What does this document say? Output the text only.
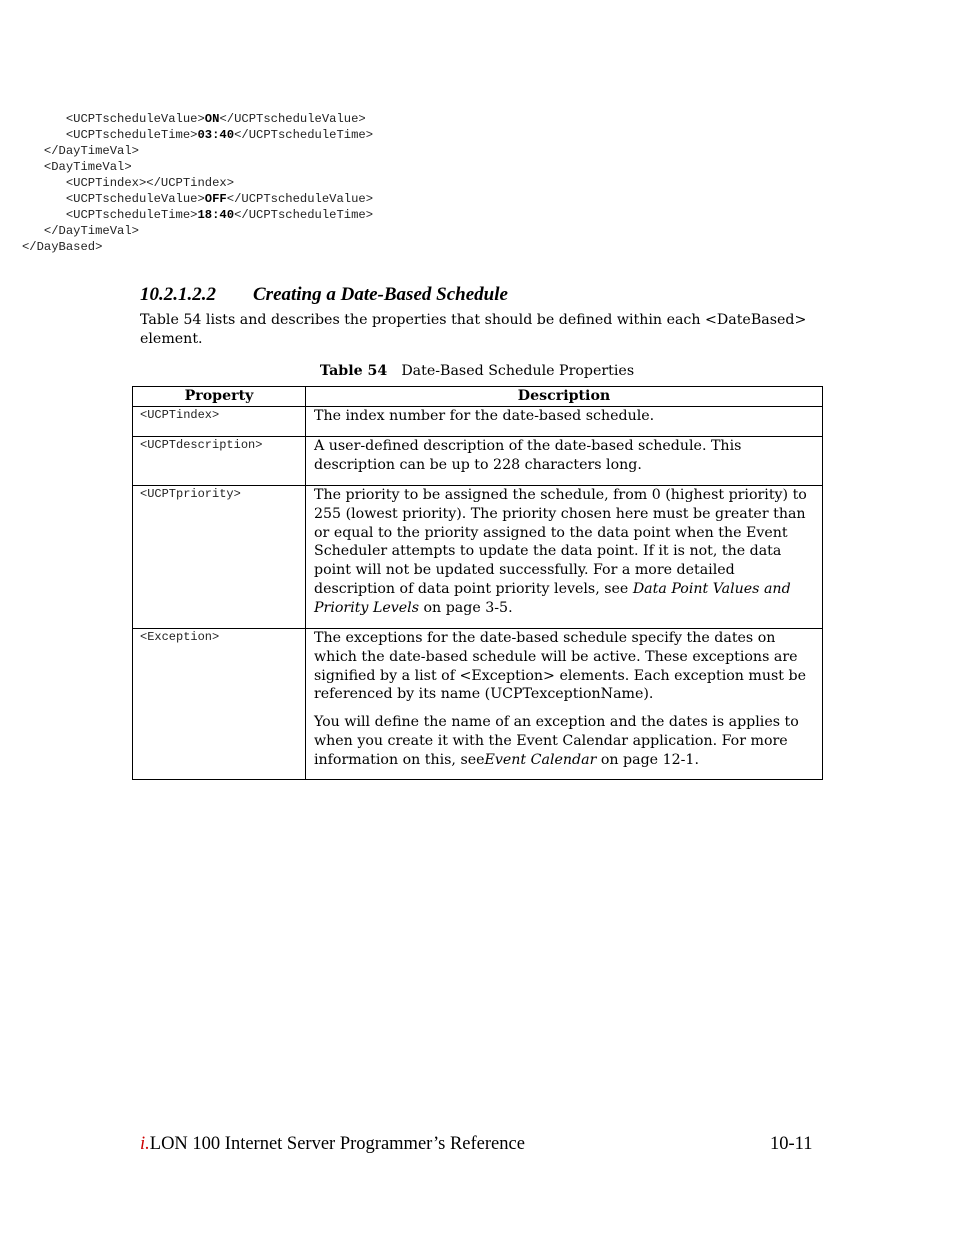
<UCPTscheduleValue>ON</UCPTscheduleValue>
<UCPTscheduleTime>03:40</UCPTscheduleTime>
</DayTimeVal>
<DayTimeVal>
<UCPTindex></UCPTindex>
<UCPTscheduleValue>OFF</UCPTscheduleValue>
<UCPTscheduleTime>18:40</UCPTscheduleTime>
</DayTimeVal>
</DayBased>
10.2.1.2.2 Creating a Date-Based Schedule
Table 54 lists and describes the properties that should be defined within each <DateBased> element.
Table 54 Date-Based Schedule Properties
Property	Description
<UCPTindex>	The index number for the date-based schedule.

<UCPTdescription>	A user-defined description of the date-based schedule. This description can be up to 228 characters long.

<UCPTpriority>	The priority to be assigned the schedule, from 0 (highest priority) to 255 (lowest priority). The priority chosen here must be greater than or equal to the priority assigned to the data point when the Event Scheduler attempts to update the data point. If it is not, the data point will not be updated successfully. For a more detailed description of data point priority levels, see Data Point Values and Priority Levels on page 3-5.

<Exception>	The exceptions for the date-based schedule specify the dates on which the date-based schedule will be active. These exceptions are signified by a list of <Exception> elements. Each exception must be referenced by its name (UCPTexceptionName).

You will define the name of an exception and the dates is applies to when you create it with the Event Calendar application. For more information on this, seeEvent Calendar on page 12-1.

i.LON 100 Internet Server Programmer’s Reference	10-11
